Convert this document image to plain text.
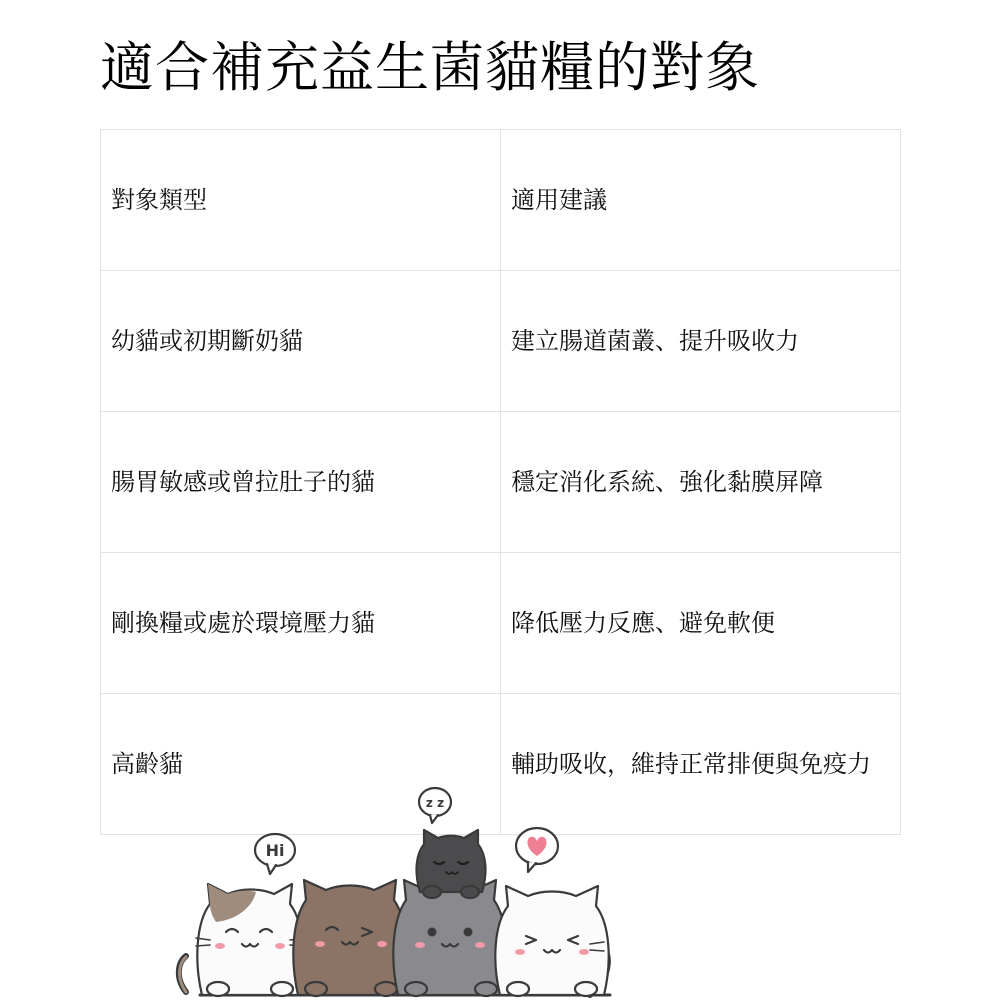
適合補充益生菌貓糧的對象
對象類型	適用建議
幼貓或初期斷奶貓	建立腸道菌叢、提升吸收力
腸胃敏感或曾拉肚子的貓	穩定消化系統、強化黏膜屏障
剛換糧或處於環境壓力貓	降低壓力反應、避免軟便
高齡貓	輔助吸收，維持正常排便與免疫力
Hi
z z
